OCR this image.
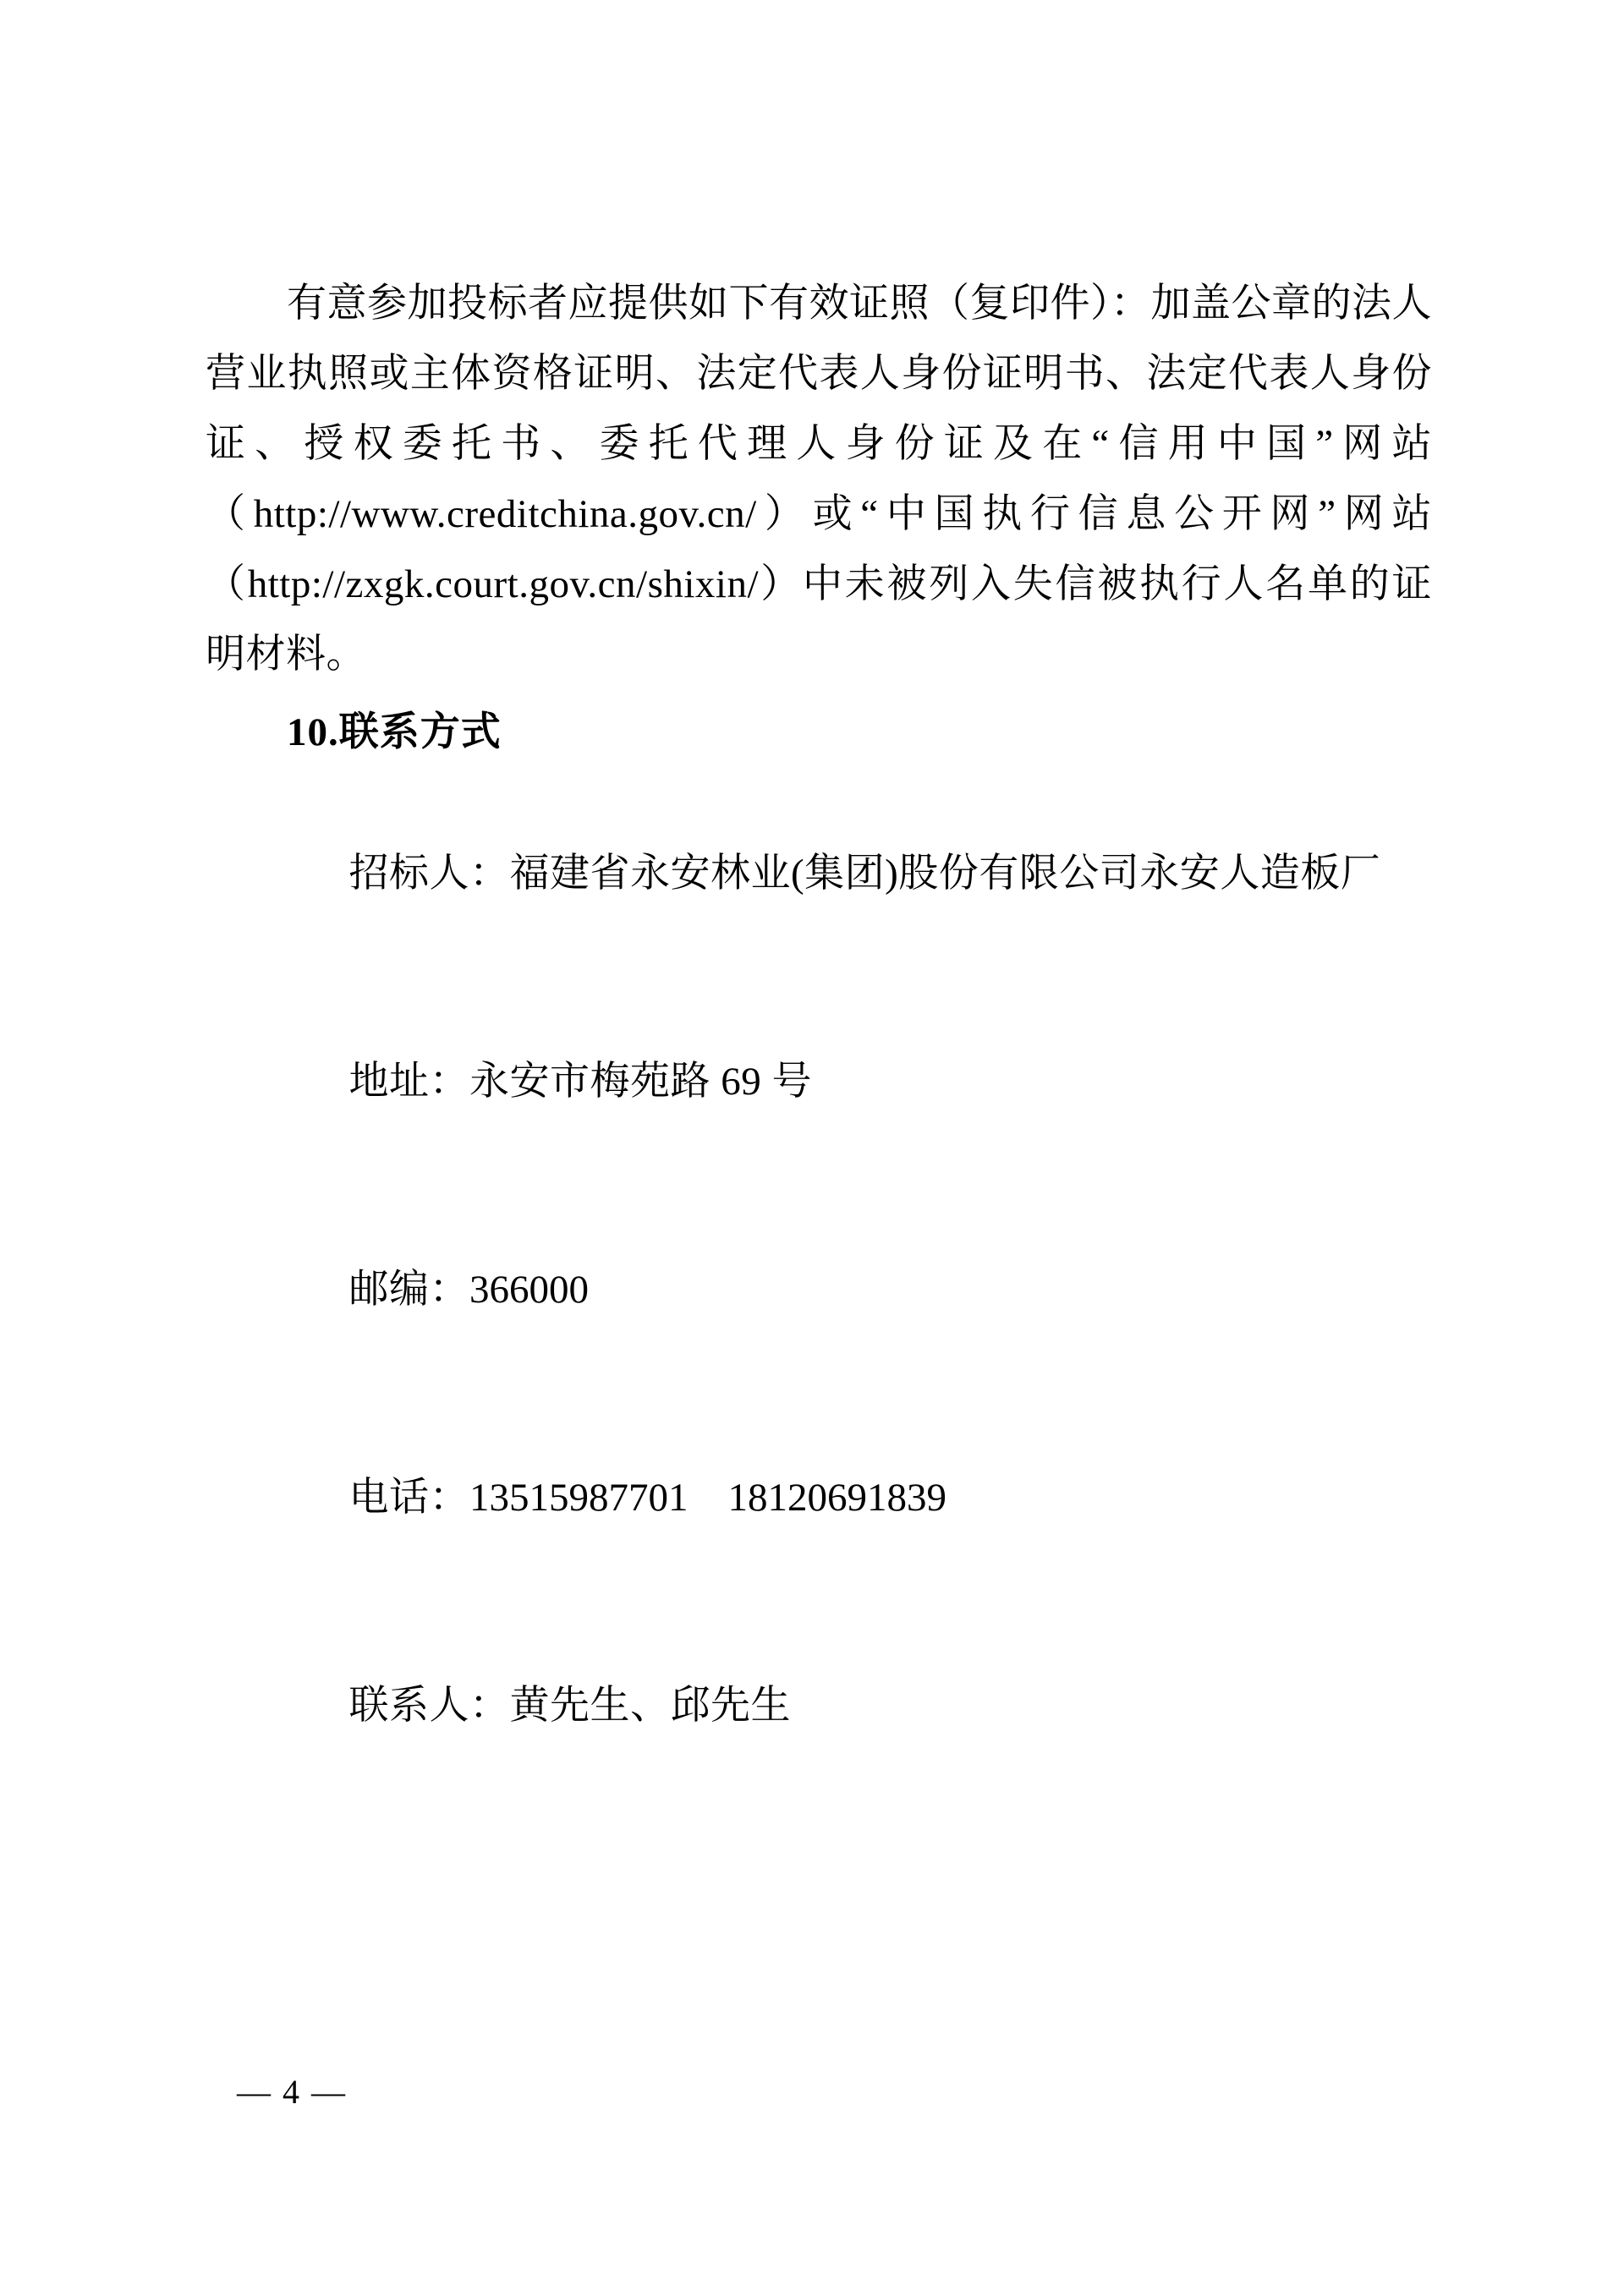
有意参加投标者应提供如下有效证照（复印件）：加盖公章的法人营业执照或主体资格证明、法定代表人身份证明书、法定代表人身份证、授权委托书、委托代理人身份证及在“信用中国”网站（http://www.creditchina.gov.cn/）或“中国执行信息公开网”网站（http://zxgk.court.gov.cn/shixin/）中未被列入失信被执行人名单的证明材料。

10.联系方式

招标人：福建省永安林业(集团)股份有限公司永安人造板厂

地址：永安市梅苑路 69 号

邮编：366000

电话：13515987701    18120691839

联系人：黄先生、邱先生

— 4 —
